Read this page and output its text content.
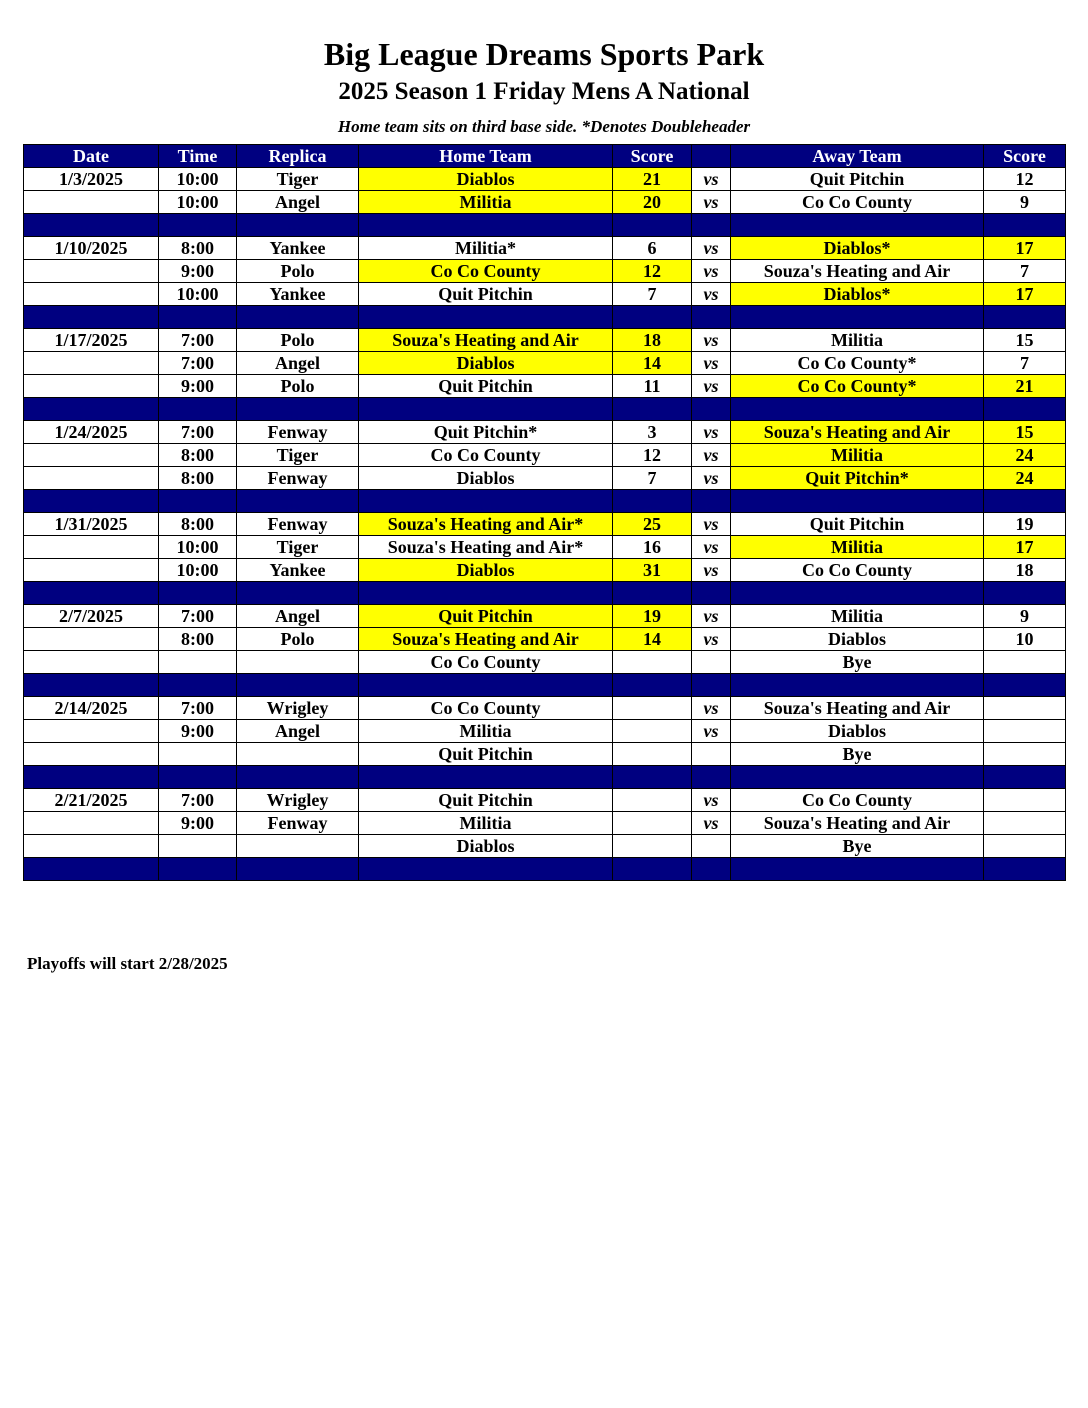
Big League Dreams Sports Park
2025 Season 1 Friday Mens A National
Home team sits on third base side. *Denotes Doubleheader
Date	Time	Replica	Home Team	Score		Away Team	Score
1/3/2025	10:00	Tiger	Diablos	21	vs	Quit Pitchin	12
	10:00	Angel	Militia	20	vs	Co Co County	9

1/10/2025	8:00	Yankee	Militia*	6	vs	Diablos*	17
	9:00	Polo	Co Co County	12	vs	Souza's Heating and Air	7
	10:00	Yankee	Quit Pitchin	7	vs	Diablos*	17

1/17/2025	7:00	Polo	Souza's Heating and Air	18	vs	Militia	15
	7:00	Angel	Diablos	14	vs	Co Co County*	7
	9:00	Polo	Quit Pitchin	11	vs	Co Co County*	21

1/24/2025	7:00	Fenway	Quit Pitchin*	3	vs	Souza's Heating and Air	15
	8:00	Tiger	Co Co County	12	vs	Militia	24
	8:00	Fenway	Diablos	7	vs	Quit Pitchin*	24

1/31/2025	8:00	Fenway	Souza's Heating and Air*	25	vs	Quit Pitchin	19
	10:00	Tiger	Souza's Heating and Air*	16	vs	Militia	17
	10:00	Yankee	Diablos	31	vs	Co Co County	18

2/7/2025	7:00	Angel	Quit Pitchin	19	vs	Militia	9
	8:00	Polo	Souza's Heating and Air	14	vs	Diablos	10
			Co Co County			Bye	

2/14/2025	7:00	Wrigley	Co Co County		vs	Souza's Heating and Air	
	9:00	Angel	Militia		vs	Diablos	
			Quit Pitchin			Bye	

2/21/2025	7:00	Wrigley	Quit Pitchin		vs	Co Co County	
	9:00	Fenway	Militia		vs	Souza's Heating and Air	
			Diablos			Bye	

Playoffs will start 2/28/2025
